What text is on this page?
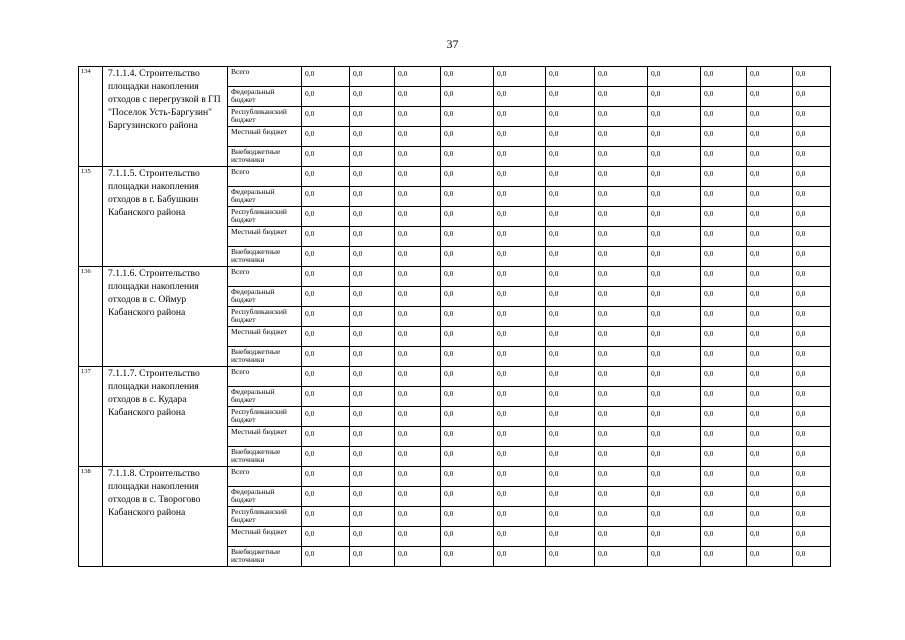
37
134	7.1.1.4. Строительство площадки накопления отходов с перегрузкой в ГП "Поселок Усть-Баргузин" Баргузинского района	Всего	0,0	0,0	0,0	0,0	0,0	0,0	0,0	0,0	0,0	0,0	0,0
		Федеральный бюджет	0,0	0,0	0,0	0,0	0,0	0,0	0,0	0,0	0,0	0,0	0,0
		Республиканский бюджет	0,0	0,0	0,0	0,0	0,0	0,0	0,0	0,0	0,0	0,0	0,0
		Местный бюджет	0,0	0,0	0,0	0,0	0,0	0,0	0,0	0,0	0,0	0,0	0,0
		Внебюджетные источники	0,0	0,0	0,0	0,0	0,0	0,0	0,0	0,0	0,0	0,0	0,0
135	7.1.1.5. Строительство площадки накопления отходов в г. Бабушкин Кабанского района	Всего	0,0	0,0	0,0	0,0	0,0	0,0	0,0	0,0	0,0	0,0	0,0
		Федеральный бюджет	0,0	0,0	0,0	0,0	0,0	0,0	0,0	0,0	0,0	0,0	0,0
		Республиканский бюджет	0,0	0,0	0,0	0,0	0,0	0,0	0,0	0,0	0,0	0,0	0,0
		Местный бюджет	0,0	0,0	0,0	0,0	0,0	0,0	0,0	0,0	0,0	0,0	0,0
		Внебюджетные источники	0,0	0,0	0,0	0,0	0,0	0,0	0,0	0,0	0,0	0,0	0,0
136	7.1.1.6. Строительство площадки накопления отходов в с. Оймур Кабанского района	Всего	0,0	0,0	0,0	0,0	0,0	0,0	0,0	0,0	0,0	0,0	0,0
		Федеральный бюджет	0,0	0,0	0,0	0,0	0,0	0,0	0,0	0,0	0,0	0,0	0,0
		Республиканский бюджет	0,0	0,0	0,0	0,0	0,0	0,0	0,0	0,0	0,0	0,0	0,0
		Местный бюджет	0,0	0,0	0,0	0,0	0,0	0,0	0,0	0,0	0,0	0,0	0,0
		Внебюджетные источники	0,0	0,0	0,0	0,0	0,0	0,0	0,0	0,0	0,0	0,0	0,0
137	7.1.1.7. Строительство площадки накопления отходов в с. Кудара Кабанского района	Всего	0,0	0,0	0,0	0,0	0,0	0,0	0,0	0,0	0,0	0,0	0,0
		Федеральный бюджет	0,0	0,0	0,0	0,0	0,0	0,0	0,0	0,0	0,0	0,0	0,0
		Республиканский бюджет	0,0	0,0	0,0	0,0	0,0	0,0	0,0	0,0	0,0	0,0	0,0
		Местный бюджет	0,0	0,0	0,0	0,0	0,0	0,0	0,0	0,0	0,0	0,0	0,0
		Внебюджетные источники	0,0	0,0	0,0	0,0	0,0	0,0	0,0	0,0	0,0	0,0	0,0
138	7.1.1.8. Строительство площадки накопления отходов в с. Творогово Кабанского района	Всего	0,0	0,0	0,0	0,0	0,0	0,0	0,0	0,0	0,0	0,0	0,0
		Федеральный бюджет	0,0	0,0	0,0	0,0	0,0	0,0	0,0	0,0	0,0	0,0	0,0
		Республиканский бюджет	0,0	0,0	0,0	0,0	0,0	0,0	0,0	0,0	0,0	0,0	0,0
		Местный бюджет	0,0	0,0	0,0	0,0	0,0	0,0	0,0	0,0	0,0	0,0	0,0
		Внебюджетные источники	0,0	0,0	0,0	0,0	0,0	0,0	0,0	0,0	0,0	0,0	0,0
